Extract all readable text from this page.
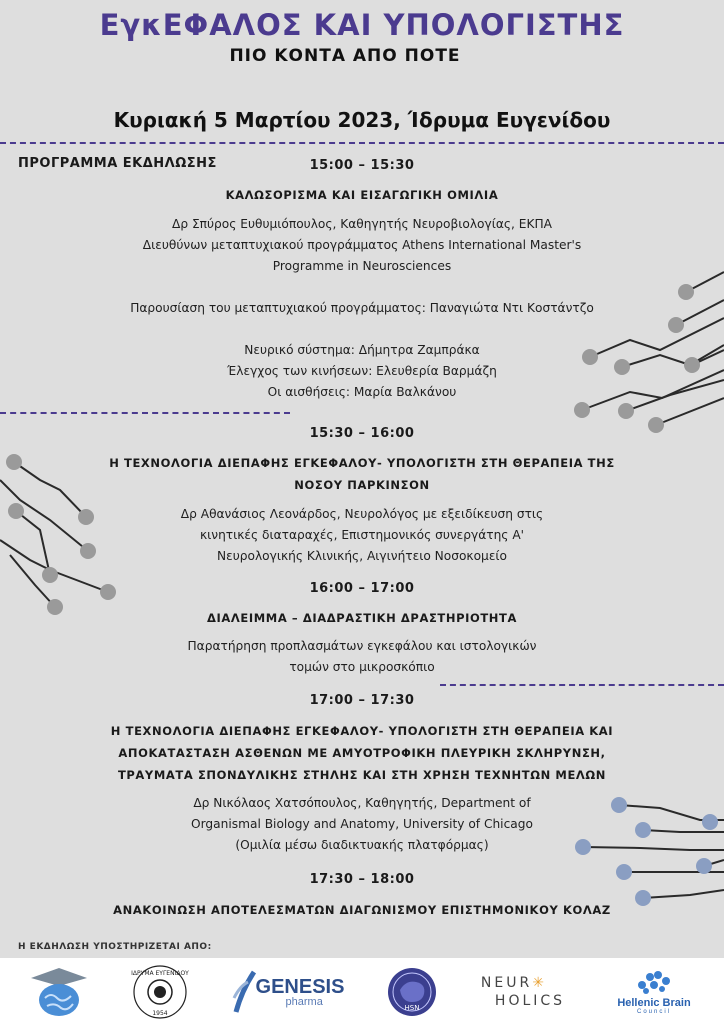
ΕγκΕΦΑΛΟΣ ΚΑΙ ΥΠΟΛΟΓΙΣΤΗΣ
ΠΙΟ ΚΟΝΤΑ ΑΠΟ ΠΟΤΕ
Κυριακή 5 Μαρτίου 2023, Ίδρυμα Ευγενίδου
ΠΡΟΓΡΑΜΜΑ ΕΚΔΗΛΩΣΗΣ	15:00 – 15:30
ΚΑΛΩΣΟΡΙΣΜΑ ΚΑΙ ΕΙΣΑΓΩΓΙΚΗ ΟΜΙΛΙΑ
Δρ Σπύρος Ευθυμιόπουλος, Καθηγητής Νευροβιολογίας, ΕΚΠΑ
Διευθύνων μεταπτυχιακού προγράμματος Athens International Master's
Programme in Neurosciences

Παρουσίαση του μεταπτυχιακού προγράμματος: Παναγιώτα Ντι Κοστάντζο

Νευρικό σύστημα: Δήμητρα Ζαμπράκα
Έλεγχος των κινήσεων: Ελευθερία Βαρμάζη
Οι αισθήσεις: Μαρία Βαλκάνου
15:30 – 16:00
Η ΤΕΧΝΟΛΟΓΙΑ ΔΙΕΠΑΦΗΣ ΕΓΚΕΦΑΛΟΥ- ΥΠΟΛΟΓΙΣΤΗ ΣΤΗ ΘΕΡΑΠΕΙΑ ΤΗΣ
ΝΟΣΟΥ ΠΑΡΚΙΝΣΟΝ
Δρ Αθανάσιος Λεονάρδος, Νευρολόγος με εξειδίκευση στις
κινητικές διαταραχές, Επιστημονικός συνεργάτης Α'
Νευρολογικής Κλινικής, Αιγινήτειο Νοσοκομείο
16:00 – 17:00
ΔΙΑΛΕΙΜΜΑ – ΔΙΑΔΡΑΣΤΙΚΗ ΔΡΑΣΤΗΡΙΟΤΗΤΑ
Παρατήρηση προπλασμάτων εγκεφάλου και ιστολογικών
τομών στο μικροσκόπιο
17:00 – 17:30
Η ΤΕΧΝΟΛΟΓΙΑ ΔΙΕΠΑΦΗΣ ΕΓΚΕΦΑΛΟΥ- ΥΠΟΛΟΓΙΣΤΗ ΣΤΗ ΘΕΡΑΠΕΙΑ ΚΑΙ
ΑΠΟΚΑΤΑΣΤΑΣΗ ΑΣΘΕΝΩΝ ΜΕ ΑΜΥΟΤΡΟΦΙΚΗ ΠΛΕΥΡΙΚΗ ΣΚΛΗΡΥΝΣΗ,
ΤΡΑΥΜΑΤΑ ΣΠΟΝΔΥΛΙΚΗΣ ΣΤΗΛΗΣ ΚΑΙ ΣΤΗ ΧΡΗΣΗ ΤΕΧΝΗΤΩΝ ΜΕΛΩΝ
Δρ Νικόλαος Χατσόπουλος, Καθηγητής, Department of
Organismal Biology and Anatomy, University of Chicago
(Ομιλία μέσω διαδικτυακής πλατφόρμας)
17:30 – 18:00
ΑΝΑΚΟΙΝΩΣΗ ΑΠΟΤΕΛΕΣΜΑΤΩΝ ΔΙΑΓΩΝΙΣΜΟΥ ΕΠΙΣΤΗΜΟΝΙΚΟΥ ΚΟΛΑΖ
Η ΕΚΔΗΛΩΣΗ ΥΠΟΣΤΗΡΙΖΕΤΑΙ ΑΠΟ:
ΙΔΡΥΜΑ ΕΥΓΕΝΙΔΟΥ
1954
GENESIS
pharma
HSN
NEUR✳
HOLICS	Hellenic Brain
Council
